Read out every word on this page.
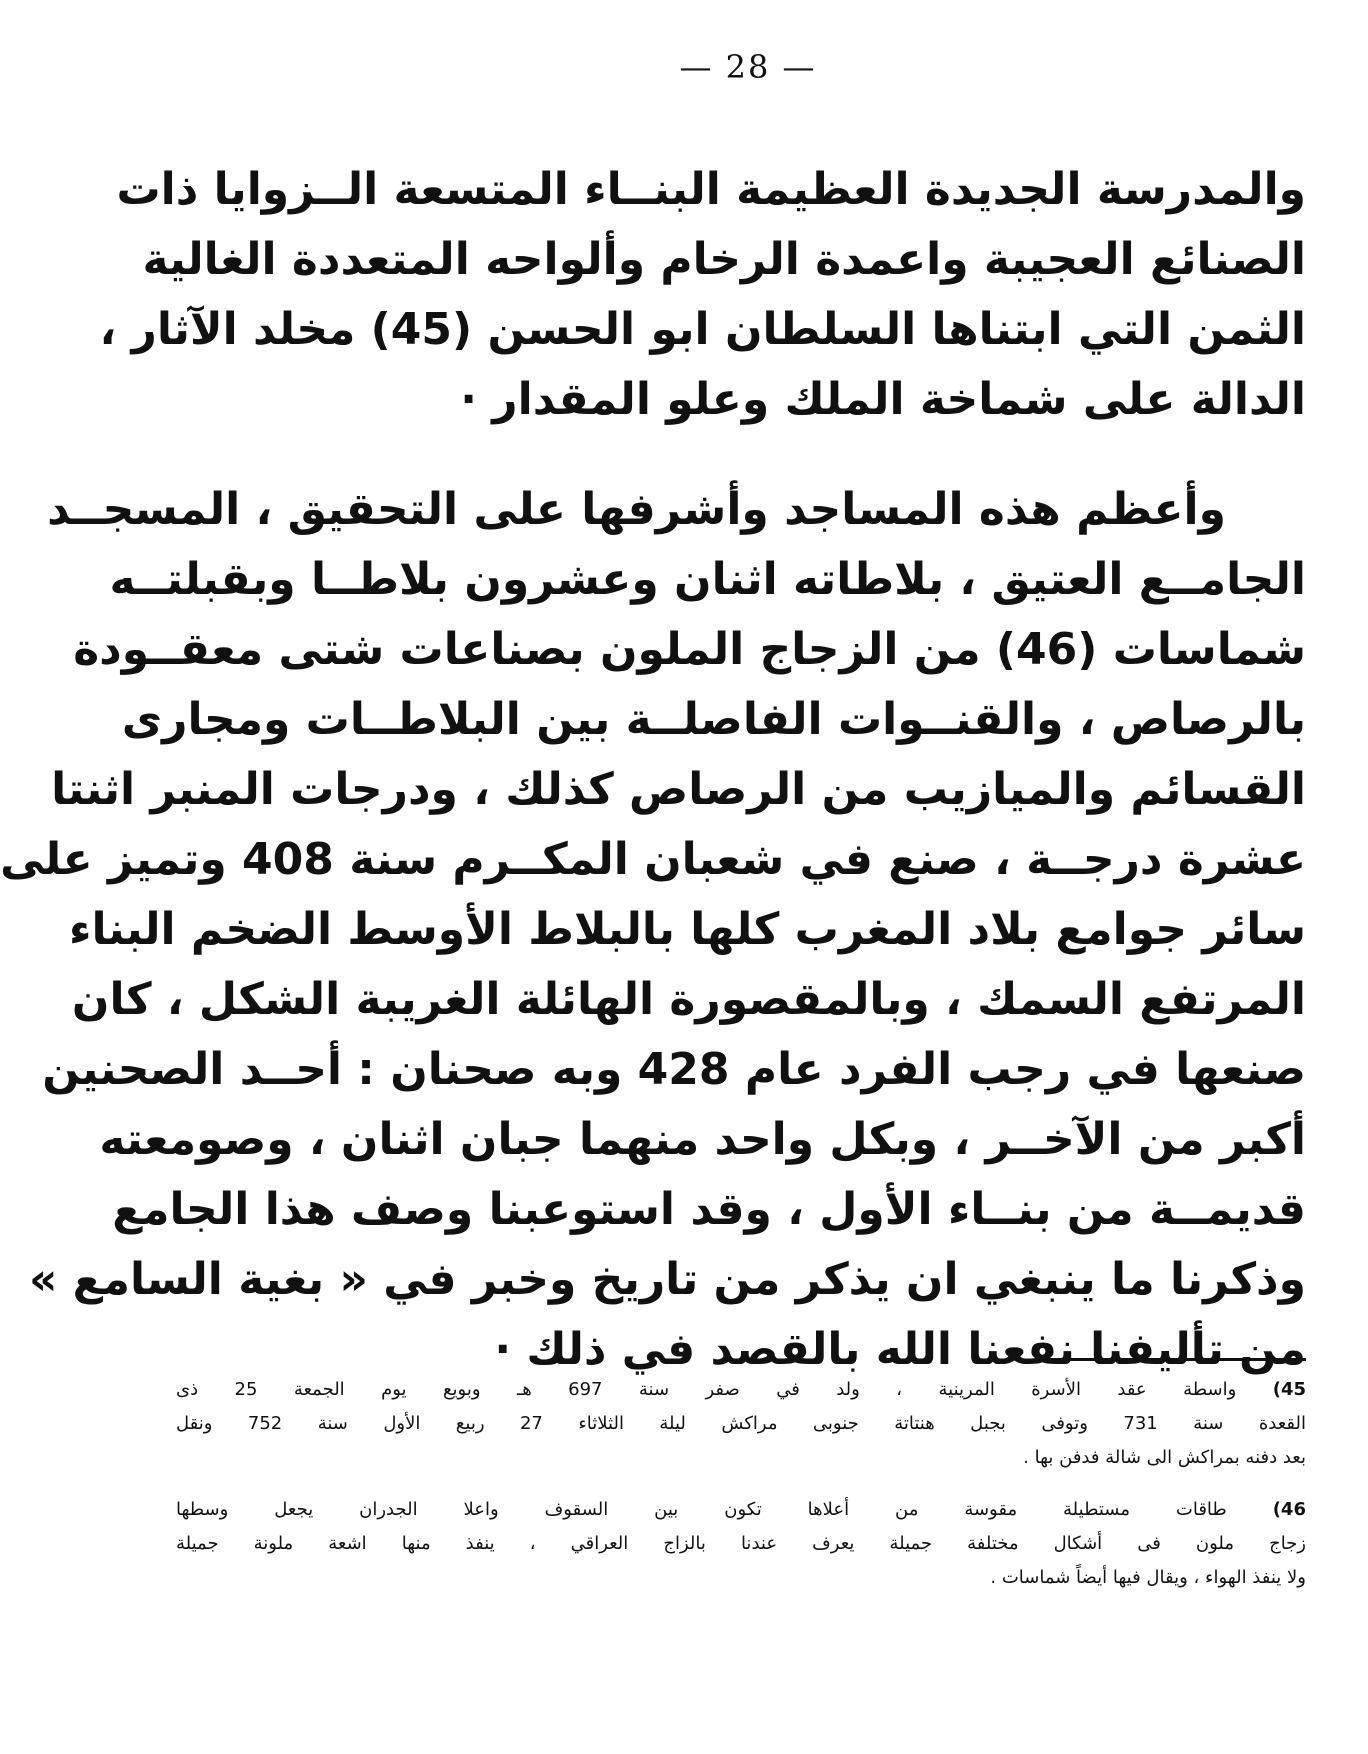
— 28 —
والمدرسة الجديدة العظيمة البنــاء المتسعة الــزوايا ذات
الصنائع العجيبة واعمدة الرخام وألواحه المتعددة الغالية
الثمن التي ابتناها السلطان ابو الحسن (45) مخلد الآثار ،
الدالة على شماخة الملك وعلو المقدار ·
وأعظم هذه المساجد وأشرفها على التحقيق ، المسجــد
الجامــع العتيق ، بلاطاته اثنان وعشرون بلاطــا وبقبلتــه
شماسات (46) من الزجاج الملون بصناعات شتى معقــودة
بالرصاص ، والقنــوات الفاصلــة بين البلاطــات ومجارى
القسائم والميازيب من الرصاص كذلك ، ودرجات المنبر اثنتا
عشرة درجــة ، صنع في شعبان المكــرم سنة 408 وتميز على
سائر جوامع بلاد المغرب كلها بالبلاط الأوسط الضخم البناء
المرتفع السمك ، وبالمقصورة الهائلة الغريبة الشكل ، كان
صنعها في رجب الفرد عام 428 وبه صحنان : أحــد الصحنين
أكبر من الآخــر ، وبكل واحد منهما جبان اثنان ، وصومعته
قديمــة من بنــاء الأول ، وقد استوعبنا وصف هذا الجامع
وذكرنا ما ينبغي ان يذكر من تاريخ وخبر في « بغية السامع »
من تأليفنا نفعنا الله بالقصد في ذلك ·
45) واسطة عقد الأسرة المرينية ، ولد في صفر سنة 697 هـ وبويع يوم الجمعة 25 ذى
القعدة سنة 731 وتوفى بجبل هنتاتة جنوبى مراكش ليلة الثلاثاء 27 ربيع الأول سنة 752 ونقل
بعد دفنه بمراكش الى شالة فدفن بها .
46) طاقات مستطيلة مقوسة من أعلاها تكون بين السقوف واعلا الجدران يجعل وسطها
زجاج ملون فى أشكال مختلفة جميلة يعرف عندنا بالزاج العراقي ، ينفذ منها اشعة ملونة جميلة
ولا ينفذ الهواء ، ويقال فيها أيضاً شماسات .
